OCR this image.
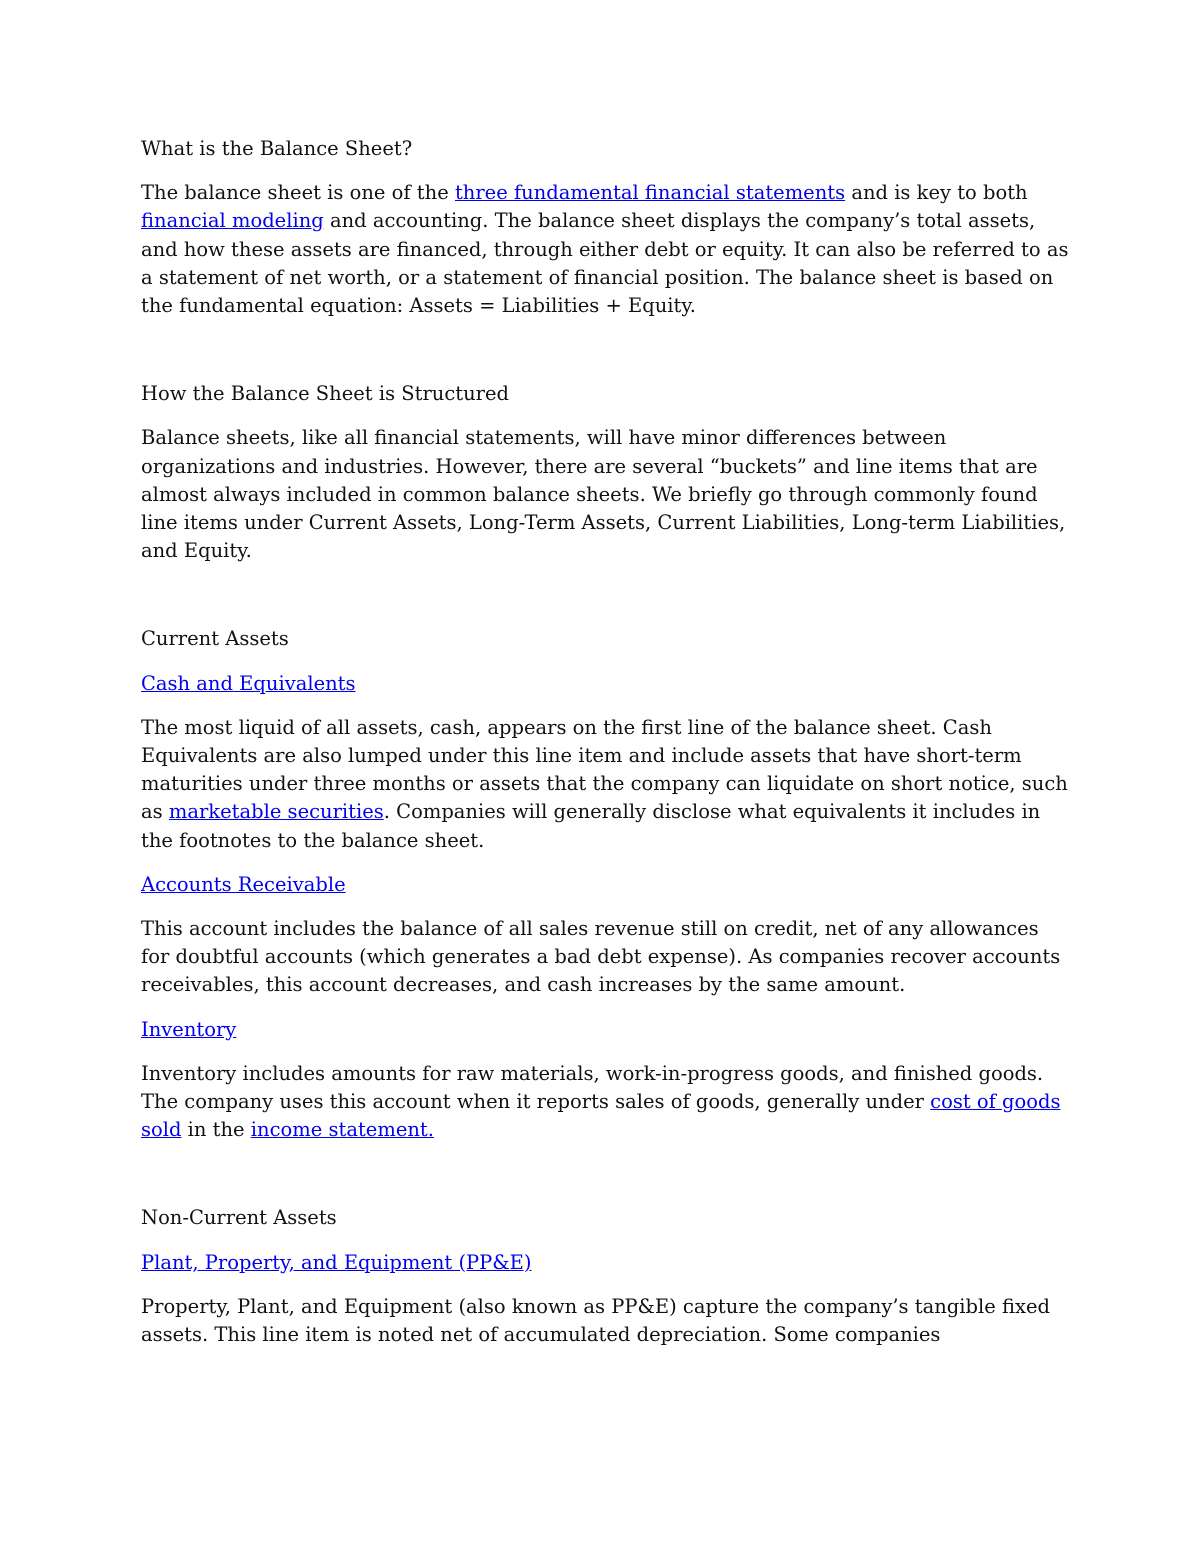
What is the Balance Sheet?

The balance sheet is one of the three fundamental financial statements and is key to both financial modeling and accounting. The balance sheet displays the company’s total assets, and how these assets are financed, through either debt or equity. It can also be referred to as a statement of net worth, or a statement of financial position. The balance sheet is based on the fundamental equation: Assets = Liabilities + Equity.

How the Balance Sheet is Structured

Balance sheets, like all financial statements, will have minor differences between organizations and industries. However, there are several “buckets” and line items that are almost always included in common balance sheets. We briefly go through commonly found line items under Current Assets, Long-Term Assets, Current Liabilities, Long-term Liabilities, and Equity.

Current Assets

Cash and Equivalents

The most liquid of all assets, cash, appears on the first line of the balance sheet. Cash Equivalents are also lumped under this line item and include assets that have short-term maturities under three months or assets that the company can liquidate on short notice, such as marketable securities. Companies will generally disclose what equivalents it includes in the footnotes to the balance sheet.

Accounts Receivable

This account includes the balance of all sales revenue still on credit, net of any allowances for doubtful accounts (which generates a bad debt expense). As companies recover accounts receivables, this account decreases, and cash increases by the same amount.

Inventory

Inventory includes amounts for raw materials, work-in-progress goods, and finished goods. The company uses this account when it reports sales of goods, generally under cost of goods sold in the income statement.

Non-Current Assets

Plant, Property, and Equipment (PP&E)

Property, Plant, and Equipment (also known as PP&E) capture the company’s tangible fixed assets. This line item is noted net of accumulated depreciation. Some companies
